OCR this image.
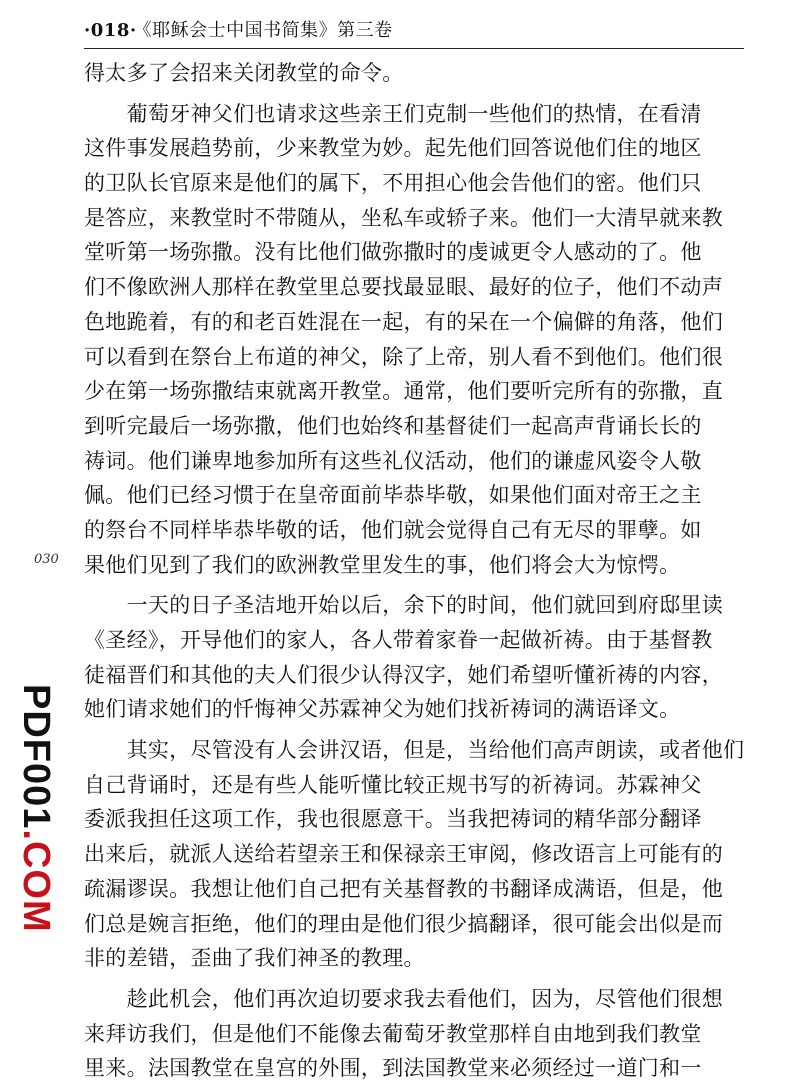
·018· 《耶稣会士中国书简集》第三卷
030
PDF001.COM
得太多了会招来关闭教堂的命令。
　　葡萄牙神父们也请求这些亲王们克制一些他们的热情，在看清
这件事发展趋势前，少来教堂为妙。起先他们回答说他们住的地区
的卫队长官原来是他们的属下，不用担心他会告他们的密。他们只
是答应，来教堂时不带随从，坐私车或轿子来。他们一大清早就来教
堂听第一场弥撒。没有比他们做弥撒时的虔诚更令人感动的了。他
们不像欧洲人那样在教堂里总要找最显眼、最好的位子，他们不动声
色地跪着，有的和老百姓混在一起，有的呆在一个偏僻的角落，他们
可以看到在祭台上布道的神父，除了上帝，别人看不到他们。他们很
少在第一场弥撒结束就离开教堂。通常，他们要听完所有的弥撒，直
到听完最后一场弥撒，他们也始终和基督徒们一起高声背诵长长的
祷词。他们谦卑地参加所有这些礼仪活动，他们的谦虚风姿令人敬
佩。他们已经习惯于在皇帝面前毕恭毕敬，如果他们面对帝王之主
的祭台不同样毕恭毕敬的话，他们就会觉得自己有无尽的罪孽。如
果他们见到了我们的欧洲教堂里发生的事，他们将会大为惊愕。
　　一天的日子圣洁地开始以后，余下的时间，他们就回到府邸里读
《圣经》，开导他们的家人，各人带着家眷一起做祈祷。由于基督教
徒福晋们和其他的夫人们很少认得汉字，她们希望听懂祈祷的内容，
她们请求她们的忏悔神父苏霖神父为她们找祈祷词的满语译文。
　　其实，尽管没有人会讲汉语，但是，当给他们高声朗读，或者他们
自己背诵时，还是有些人能听懂比较正规书写的祈祷词。苏霖神父
委派我担任这项工作，我也很愿意干。当我把祷词的精华部分翻译
出来后，就派人送给若望亲王和保禄亲王审阅，修改语言上可能有的
疏漏谬误。我想让他们自己把有关基督教的书翻译成满语，但是，他
们总是婉言拒绝，他们的理由是他们很少搞翻译，很可能会出似是而
非的差错，歪曲了我们神圣的教理。
　　趁此机会，他们再次迫切要求我去看他们，因为，尽管他们很想
来拜访我们，但是他们不能像去葡萄牙教堂那样自由地到我们教堂
里来。法国教堂在皇宫的外围，到法国教堂来必须经过一道门和一
